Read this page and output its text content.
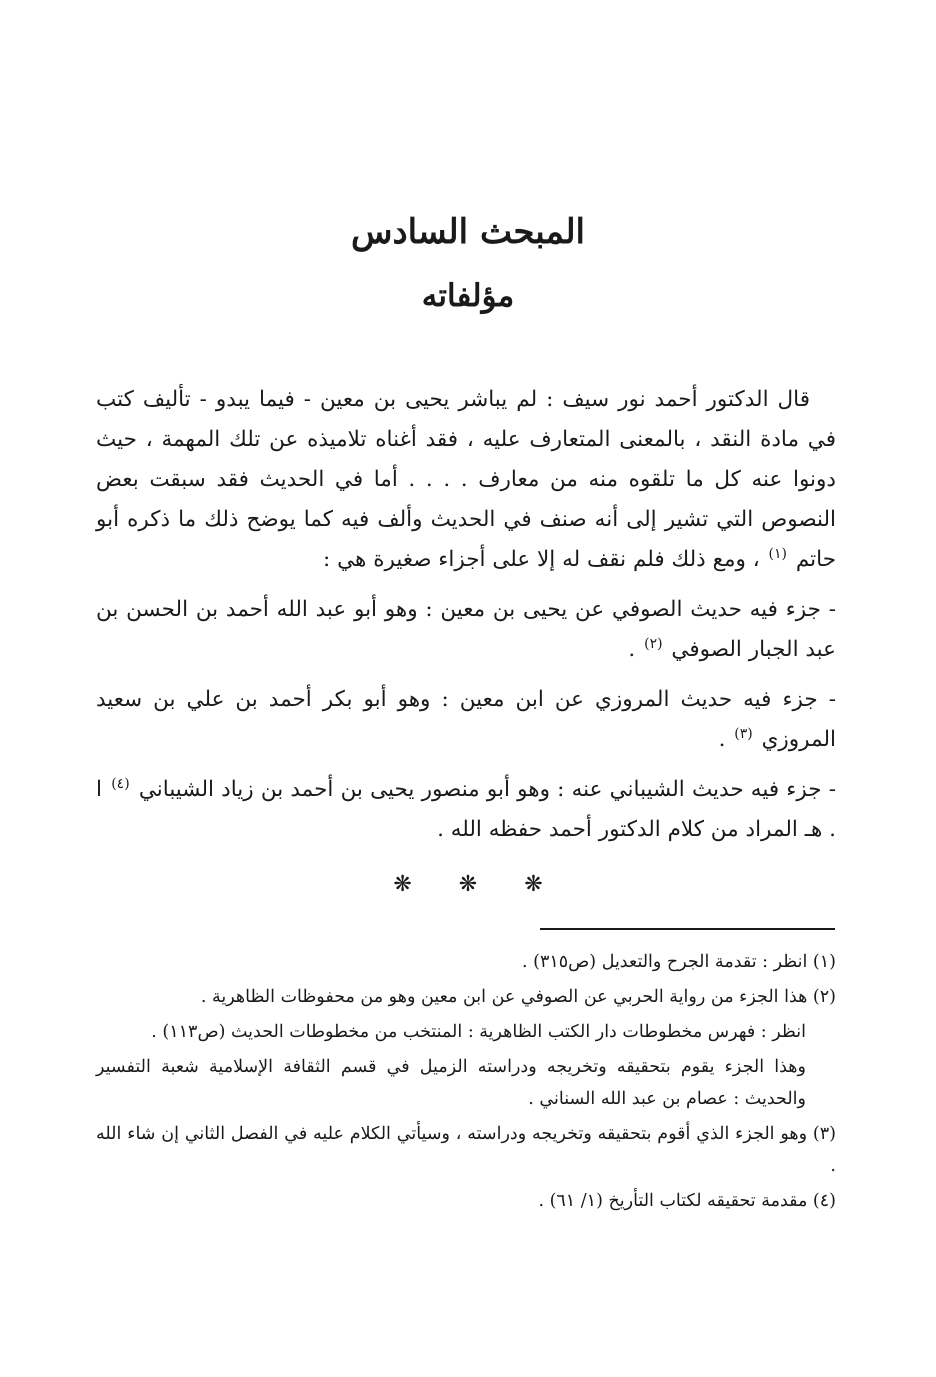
المبحث السادس
مؤلفاته

قال الدكتور أحمد نور سيف : لم يباشر يحيى بن معين - فيما يبدو - تأليف كتب في مادة النقد ، بالمعنى المتعارف عليه ، فقد أغناه تلاميذه عن تلك المهمة ، حيث دونوا عنه كل ما تلقوه منه من معارف . . . . أما في الحديث فقد سبقت بعض النصوص التي تشير إلى أنه صنف في الحديث وألف فيه كما يوضح ذلك ما ذكره أبو حاتم $^{(١)}$ ، ومع ذلك فلم نقف له إلا على أجزاء صغيرة هي :

- جزء فيه حديث الصوفي عن يحيى بن معين : وهو أبو عبد الله أحمد بن الحسن بن عبد الجبار الصوفي $^{(٢)}$ .

- جزء فيه حديث المروزي عن ابن معين : وهو أبو بكر أحمد بن علي بن سعيد المروزي $^{(٣)}$ .

- جزء فيه حديث الشيباني عنه : وهو أبو منصور يحيى بن أحمد بن زياد الشيباني $^{(٤)}$ ا . هـ المراد من كلام الدكتور أحمد حفظه الله .

❋ ❋ ❋
(١) انظر : تقدمة الجرح والتعديل (ص٣١٥) .
(٢) هذا الجزء من رواية الحربي عن الصوفي عن ابن معين وهو من محفوظات الظاهرية .
انظر : فهرس مخطوطات دار الكتب الظاهرية : المنتخب من مخطوطات الحديث (ص١١٣) .
وهذا الجزء يقوم بتحقيقه وتخريجه ودراسته الزميل في قسم الثقافة الإسلامية شعبة التفسير والحديث : عصام بن عبد الله السناني .
(٣) وهو الجزء الذي أقوم بتحقيقه وتخريجه ودراسته ، وسيأتي الكلام عليه في الفصل الثاني إن شاء الله .
(٤) مقدمة تحقيقه لكتاب التأريخ (١/ ٦١) .
